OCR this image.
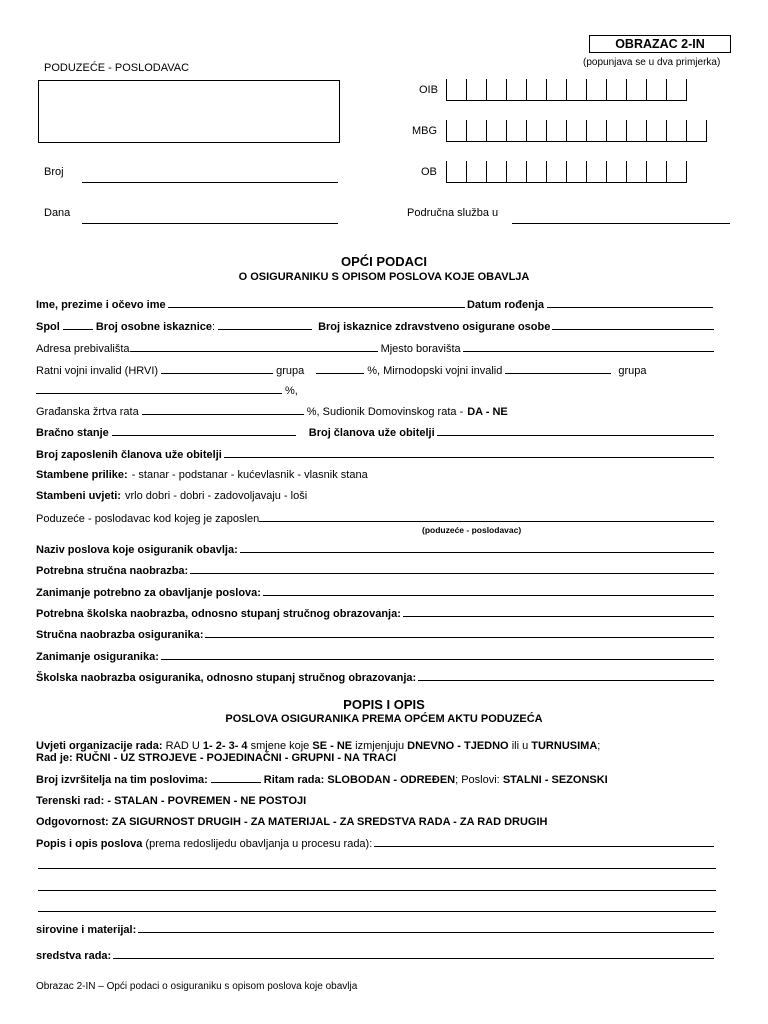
OBRAZAC 2-IN
(popunjava se u dva primjerka)
PODUZEĆE - POSLODAVAC
Broj
Dana
OIB
MBG
OB
Područna služba u
OPĆI PODACI
O OSIGURANIKU S OPISOM POSLOVA KOJE OBAVLJA
Ime, prezime i očevo ime	Datum rođenja
Spol	Broj osobne iskaznice :	Broj iskaznice zdravstveno osigurane osobe
Adresa prebivališta	Mjesto boravišta
Ratni vojni invalid (HRVI)	grupa	%, Mirnodopski vojni invalid	grupa
%,
Građanska žrtva rata	%, Sudionik Domovinskog rata - DA - NE
Bračno stanje	Broj članova uže obitelji
Broj zaposlenih članova uže obitelji
Stambene prilike: - stanar - podstanar - kućevlasnik - vlasnik stana
Stambeni uvjeti: vrlo dobri - dobri - zadovoljavaju - loši
Poduzeće - poslodavac kod kojeg je zaposlen
(poduzeće - poslodavac)
Naziv poslova koje osiguranik obavlja:
Potrebna stručna naobrazba:
Zanimanje potrebno za obavljanje poslova:
Potrebna školska naobrazba, odnosno stupanj stručnog obrazovanja:
Stručna naobrazba osiguranika:
Zanimanje osiguranika:
Školska naobrazba osiguranika, odnosno stupanj stručnog obrazovanja:
POPIS I OPIS
POSLOVA OSIGURANIKA PREMA OPĆEM AKTU PODUZEĆA
Uvjeti organizacije rada:
RAD U
1- 2- 3- 4
smjene koje
SE - NE
izmjenjuju
DNEVNO - TJEDNO
ili u
TURNUSIMA ;
Rad je:
RUČNI - UZ STROJEVE - POJEDINAČNI - GRUPNI - NA TRACI
Broj izvršitelja na tim poslovima:	Ritam rada:
SLOBODAN - ODREĐEN ; Poslovi:
STALNI - SEZONSKI
Terenski rad:
- STALAN - POVREMEN - NE POSTOJI
Odgovornost:
ZA SIGURNOST DRUGIH - ZA MATERIJAL - ZA SREDSTVA RADA - ZA RAD DRUGIH
Popis i opis poslova
(prema redoslijedu obavljanja u procesu rada):
sirovine i materijal:
sredstva rada:
Obrazac 2-IN – Opći podaci o osiguraniku s opisom poslova koje obavlja
